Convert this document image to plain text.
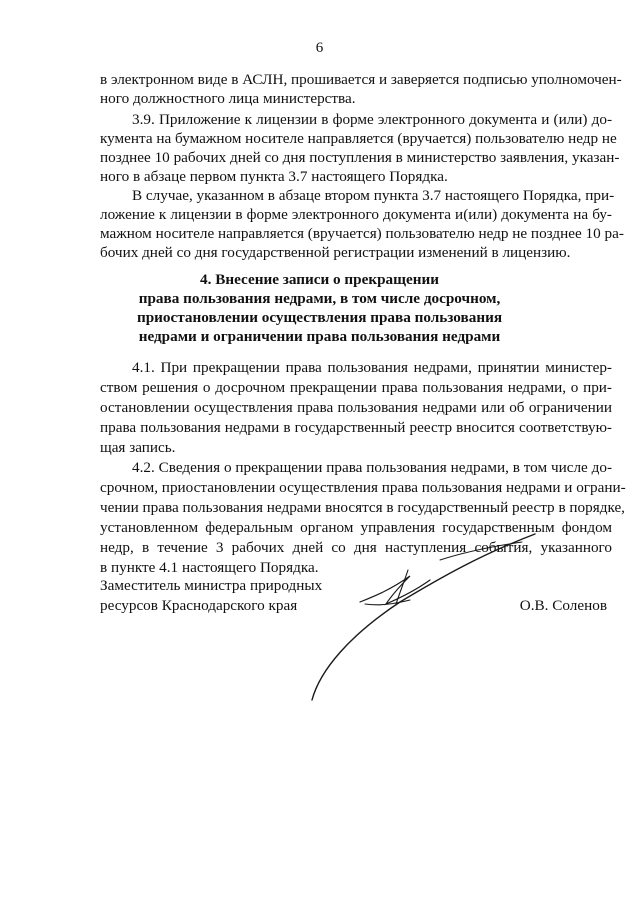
6
в электронном виде в АСЛН, прошивается и заверяется подписью уполномочен-
ного должностного лица министерства.
3.9. Приложение к лицензии в форме электронного документа и (или) до-
кумента на бумажном носителе направляется (вручается) пользователю недр не
позднее 10 рабочих дней со дня поступления в министерство заявления, указан-
ного в абзаце первом пункта 3.7 настоящего Порядка.
В случае, указанном в абзаце втором пункта 3.7 настоящего Порядка, при-
ложение к лицензии в форме электронного документа и(или) документа на бу-
мажном носителе направляется (вручается) пользователю недр не позднее 10 ра-
бочих дней со дня государственной регистрации изменений в лицензию.
4. Внесение записи о прекращении
права пользования недрами, в том числе досрочном,
приостановлении осуществления права пользования
недрами и ограничении права пользования недрами
4.1. При прекращении права пользования недрами, принятии министер-
ством решения о досрочном прекращении права пользования недрами, о при-
остановлении осуществления права пользования недрами или об ограничении
права пользования недрами в государственный реестр вносится соответствую-
щая запись.
4.2. Сведения о прекращении права пользования недрами, в том числе до-
срочном, приостановлении осуществления права пользования недрами и ограни-
чении права пользования недрами вносятся в государственный реестр в порядке,
установленном федеральным органом управления государственным фондом
недр, в течение 3 рабочих дней со дня наступления события, указанного
в пункте 4.1 настоящего Порядка.
Заместитель министра природных
ресурсов Краснодарского края	О.В. Соленов
